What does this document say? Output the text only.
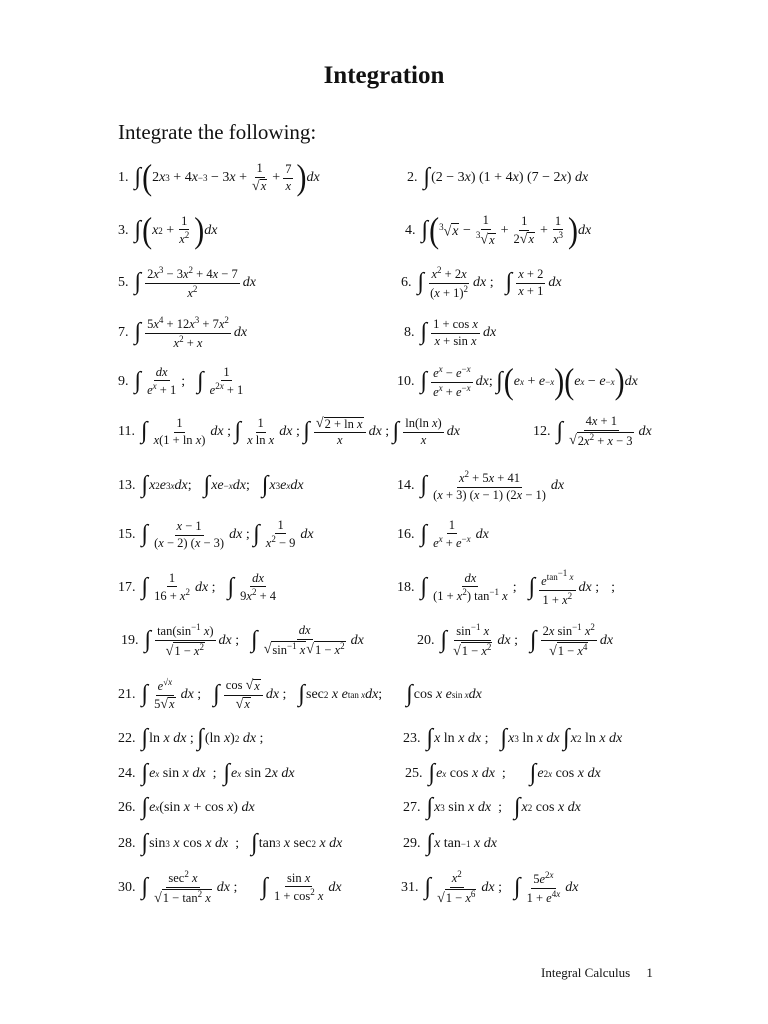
Integration
Integrate the following:
1. ∫ ( 2 x 3 + 4 x −3 − 3 x +
1
√ x
+
7
x ) dx	2. ∫ (2 − 3 x ) (1 + 4 x ) (7 − 2 x ) dx
3. ∫ ( x 2 +
1
$x^2$ ) dx	4. ∫ ( $^3$√ x −
1
$^3$√ x
+
1
2 √ x
+
1
$x^3$ ) dx
5. ∫ $2x^3 - 3x^2 + 4x - 7$
$x^2$	dx	6. ∫ $x^2 + 2x$
$(x + 1)^2$ dx ; ∫ x + 2
x + 1
dx
7. ∫ $5x^4 + 12x^3 + 7x^2$
$x^2 + x$
dx	8. ∫ 1 + cos x
x + sin x
dx
9. ∫ dx
$e^x + 1$
; ∫ 1
$e^{2x} + 1$
10. ∫ $e^x - e^{-x}$
$e^x + e^{-x}$ dx ; ∫ ( e x + e −x ) ( e x − e −x ) dx
11. ∫ 1
x(1 + ln x)
dx ; ∫ 1
x ln x
dx ; ∫ √ 2 + ln x
x
dx ; ∫ ln(ln x)
x
dx	12. ∫ 4x + 1
√ $2x^2 + x - 3$
dx
13. ∫ x 2 e 3x dx ; ∫ xe −x dx ; ∫ x 3 e x dx	14. ∫	$x^2 + 5x + 41$
(x + 3) (x − 1) (2x − 1)
dx
15. ∫ x − 1
(x − 2) (x − 3)
dx ; ∫ 1
$x^2 - 9$
dx	16. ∫ 1
$e^x + e^{-x}$ dx
17. ∫ 1
$16 + x^2$ dx ; ∫ dx
$9x^2 + 4$
18. ∫	dx
$(1 + x^2)$ $\tan^{-1} x$
; ∫ $e^{tan^{-1} x}$
$1 + x^2$
dx ; ;
19. ∫ $\tan(\sin^{-1}$ x)
√ $1 - x^2$ dx ; ∫	dx
√ $\sin^{-1} x$ √ $1 - x^2$ dx	20. ∫ $\sin^{-1} x$
√ $1 - x^2$ dx ; ∫ 2x $\sin^{-1} x^2$
√ $1 - x^4$ dx
21. ∫ $e^{√x}$
5 √ x
dx ; ∫ cos √ x
√ x
dx ; ∫ sec 2
x
e tan x dx ; ∫ cos x
e sin x dx
22. ∫ ln x
dx ; ∫ (ln x ) 2
dx ;	23. ∫ x ln x
dx ; ∫ x 3 ln x
dx
∫ x 2 ln x
dx
24. ∫ e x sin x
dx ; ∫ e x sin 2 x
dx	25. ∫ e x cos x
dx ; ∫ e 2x cos x
dx
26. ∫ e x (sin x + cos x ) dx	27. ∫ x 3 sin x
dx ; ∫ x 2 cos x
dx
28. ∫ sin 3
x cos x
dx ; ∫ tan 3
x sec 2
x
dx	29. ∫ x tan −1
x
dx
30. ∫ $\sec^2 x$
√ $1 - \tan^2 x$
dx ; ∫ sin x
$1 + \cos^2 x$
dx	31. ∫ $x^2$
√ $1 - x^6$ dx ; ∫ $5e^{2x}$
$1 + e^{4x}$ dx
Integral Calculus 1
